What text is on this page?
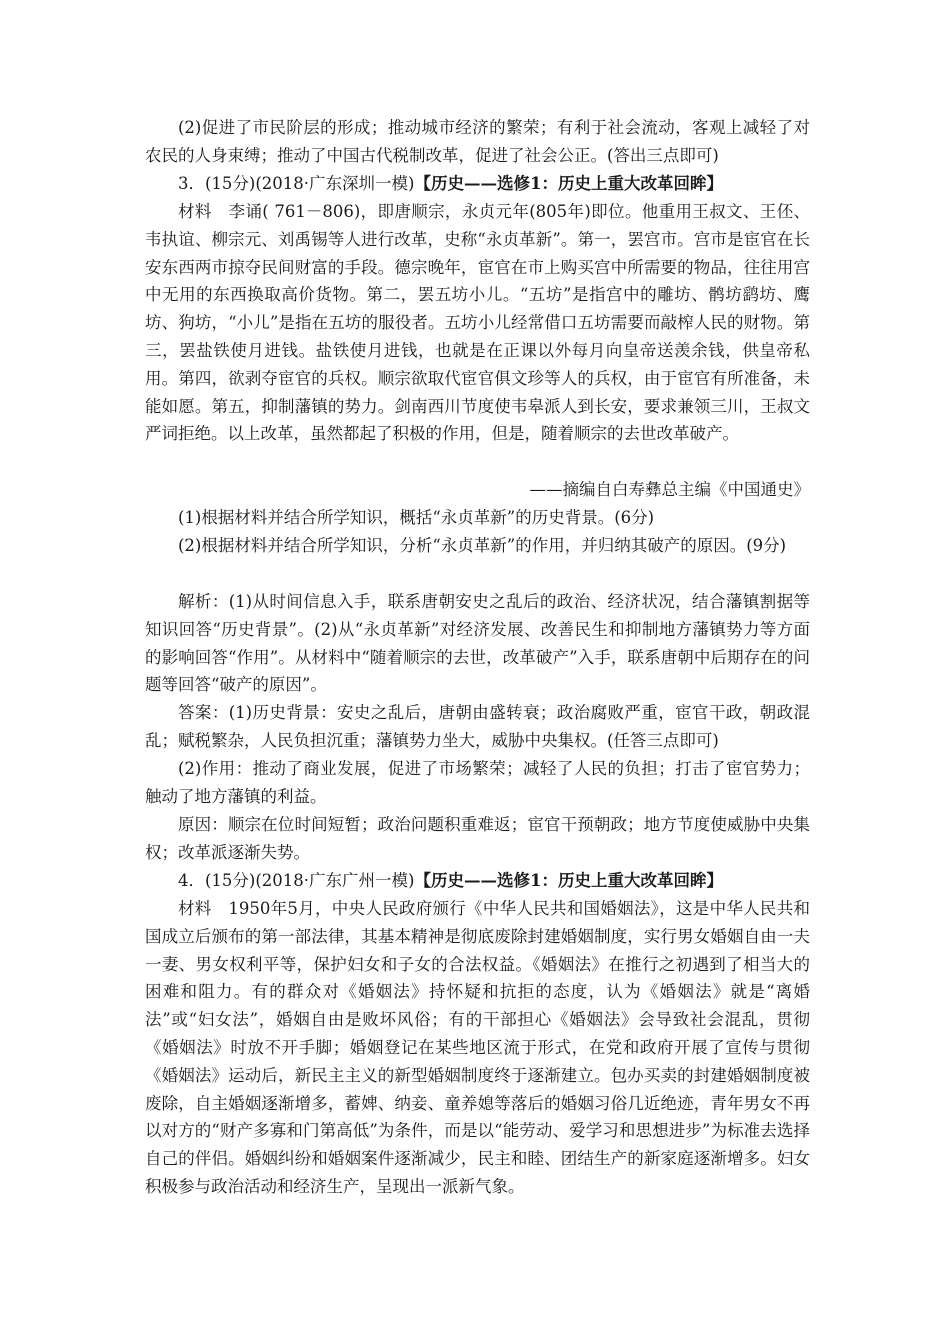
(2)促进了市民阶层的形成；推动城市经济的繁荣；有利于社会流动，客观上减轻了对农民的人身束缚；推动了中国古代税制改革，促进了社会公正。(答出三点即可)

3．(15分)(2018·广东深圳一模)【历史——选修1：历史上重大改革回眸】

材料　李诵( 761－806)，即唐顺宗，永贞元年(805年)即位。他重用王叔文、王伾、韦执谊、柳宗元、刘禹锡等人进行改革，史称“永贞革新”。第一，罢宫市。宫市是宦官在长安东西两市掠夺民间财富的手段。德宗晚年，宦官在市上购买宫中所需要的物品，往往用宫中无用的东西换取高价货物。第二，罢五坊小儿。“五坊”是指宫中的雕坊、鹘坊鹞坊、鹰坊、狗坊，“小儿”是指在五坊的服役者。五坊小儿经常借口五坊需要而敲榨人民的财物。第三，罢盐铁使月进钱。盐铁使月进钱，也就是在正课以外每月向皇帝送羡余钱，供皇帝私用。第四，欲剥夺宦官的兵权。顺宗欲取代宦官俱文珍等人的兵权，由于宦官有所准备，未能如愿。第五，抑制藩镇的势力。剑南西川节度使韦皋派人到长安，要求兼领三川，王叔文严词拒绝。以上改革，虽然都起了积极的作用，但是，随着顺宗的去世改革破产。

——摘编自白寿彝总主编《中国通史》

(1)根据材料并结合所学知识，概括“永贞革新”的历史背景。(6分)

(2)根据材料并结合所学知识，分析“永贞革新”的作用，并归纳其破产的原因。(9分)

解析：(1)从时间信息入手，联系唐朝安史之乱后的政治、经济状况，结合藩镇割据等知识回答“历史背景”。(2)从“永贞革新”对经济发展、改善民生和抑制地方藩镇势力等方面的影响回答“作用”。从材料中“随着顺宗的去世，改革破产”入手，联系唐朝中后期存在的问题等回答“破产的原因”。

答案：(1)历史背景：安史之乱后，唐朝由盛转衰；政治腐败严重，宦官干政，朝政混乱；赋税繁杂，人民负担沉重；藩镇势力坐大，威胁中央集权。(任答三点即可)

(2)作用：推动了商业发展，促进了市场繁荣；减轻了人民的负担；打击了宦官势力；触动了地方藩镇的利益。

原因：顺宗在位时间短暂；政治问题积重难返；宦官干预朝政；地方节度使威胁中央集权；改革派逐渐失势。

4．(15分)(2018·广东广州一模)【历史——选修1：历史上重大改革回眸】

材料　1950年5月，中央人民政府颁行《中华人民共和国婚姻法》，这是中华人民共和国成立后颁布的第一部法律，其基本精神是彻底废除封建婚姻制度，实行男女婚姻自由一夫一妻、男女权利平等，保护妇女和子女的合法权益。《婚姻法》在推行之初遇到了相当大的困难和阻力。有的群众对《婚姻法》持怀疑和抗拒的态度，认为《婚姻法》就是“离婚法”或“妇女法”，婚姻自由是败坏风俗；有的干部担心《婚姻法》会导致社会混乱，贯彻《婚姻法》时放不开手脚；婚姻登记在某些地区流于形式，在党和政府开展了宣传与贯彻《婚姻法》运动后，新民主主义的新型婚姻制度终于逐渐建立。包办买卖的封建婚姻制度被废除，自主婚姻逐渐增多，蓄婢、纳妾、童养媳等落后的婚姻习俗几近绝迹，青年男女不再以对方的“财产多寡和门第高低”为条件，而是以“能劳动、爱学习和思想进步”为标准去选择自己的伴侣。婚姻纠纷和婚姻案件逐渐减少，民主和睦、团结生产的新家庭逐渐增多。妇女积极参与政治活动和经济生产，呈现出一派新气象。
